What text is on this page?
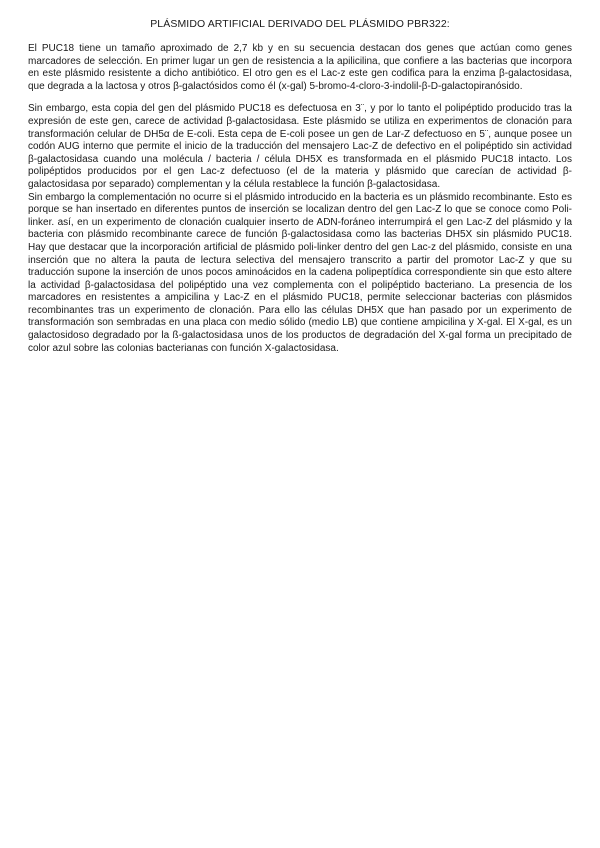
PLÁSMIDO ARTIFICIAL DERIVADO DEL PLÁSMIDO PBR322:

El PUC18 tiene un tamaño aproximado de 2,7 kb y en su secuencia destacan dos genes que actúan como genes marcadores de selección. En primer lugar un gen de resistencia a la apilicilina, que confiere a las bacterias que incorpora en este plásmido resistente a dicho antibiótico. El otro gen es el Lac-z este gen codifica para la enzima β-galactosidasa, que degrada a la lactosa y otros β-galactósidos como él (x-gal) 5-bromo-4-cloro-3-indolil-β-D-galactopiranósido.

Sin embargo, esta copia del gen del plásmido PUC18 es defectuosa en 3¨, y por lo tanto el polipéptido producido tras la expresión de este gen, carece de actividad β-galactosidasa. Este plásmido se utiliza en experimentos de clonación para transformación celular de DH5α de E-coli. Esta cepa de E-coli posee un gen de Lar-Z defectuoso en 5¨, aunque posee un codón AUG interno que permite el inicio de la traducción del mensajero Lac-Z de defectivo en el polipéptido sin actividad β-galactosidasa cuando una molécula / bacteria / célula DH5X es transformada en el plásmido PUC18 intacto. Los polipéptidos producidos por el gen Lac-z defectuoso (el de la materia y plásmido que carecían de actividad β-galactosidasa por separado) complementan y la célula restablece la función β-galactosidasa.

Sin embargo la complementación no ocurre si el plásmido introducido en la bacteria es un plásmido recombinante. Esto es porque se han insertado en diferentes puntos de inserción se localizan dentro del gen Lac-Z lo que se conoce como Poli-linker. así, en un experimento de clonación cualquier inserto de ADN-foráneo interrumpirá el gen Lac-Z del plásmido y la bacteria con plásmido recombinante carece de función β-galactosidasa como las bacterias DH5X sin plásmido PUC18. Hay que destacar que la incorporación artificial de plásmido poli-linker dentro del gen Lac-z del plásmido, consiste en una inserción que no altera la pauta de lectura selectiva del mensajero transcrito a partir del promotor Lac-Z y que su traducción supone la inserción de unos pocos aminoácidos en la cadena polipeptídica correspondiente sin que esto altere la actividad β-galactosidasa del polipéptido una vez complementa con el polipéptido bacteriano. La presencia de los marcadores en resistentes a ampicilina y Lac-Z en el plásmido PUC18, permite seleccionar bacterias con plásmidos recombinantes tras un experimento de clonación. Para ello las células DH5X que han pasado por un experimento de transformación son sembradas en una placa con medio sólido (medio LB) que contiene ampicilina y X-gal. El X-gal, es un galactosidoso degradado por la ß-galactosidasa unos de los productos de degradación del X-gal forma un precipitado de color azul sobre las colonias bacterianas con función X-galactosidasa.
